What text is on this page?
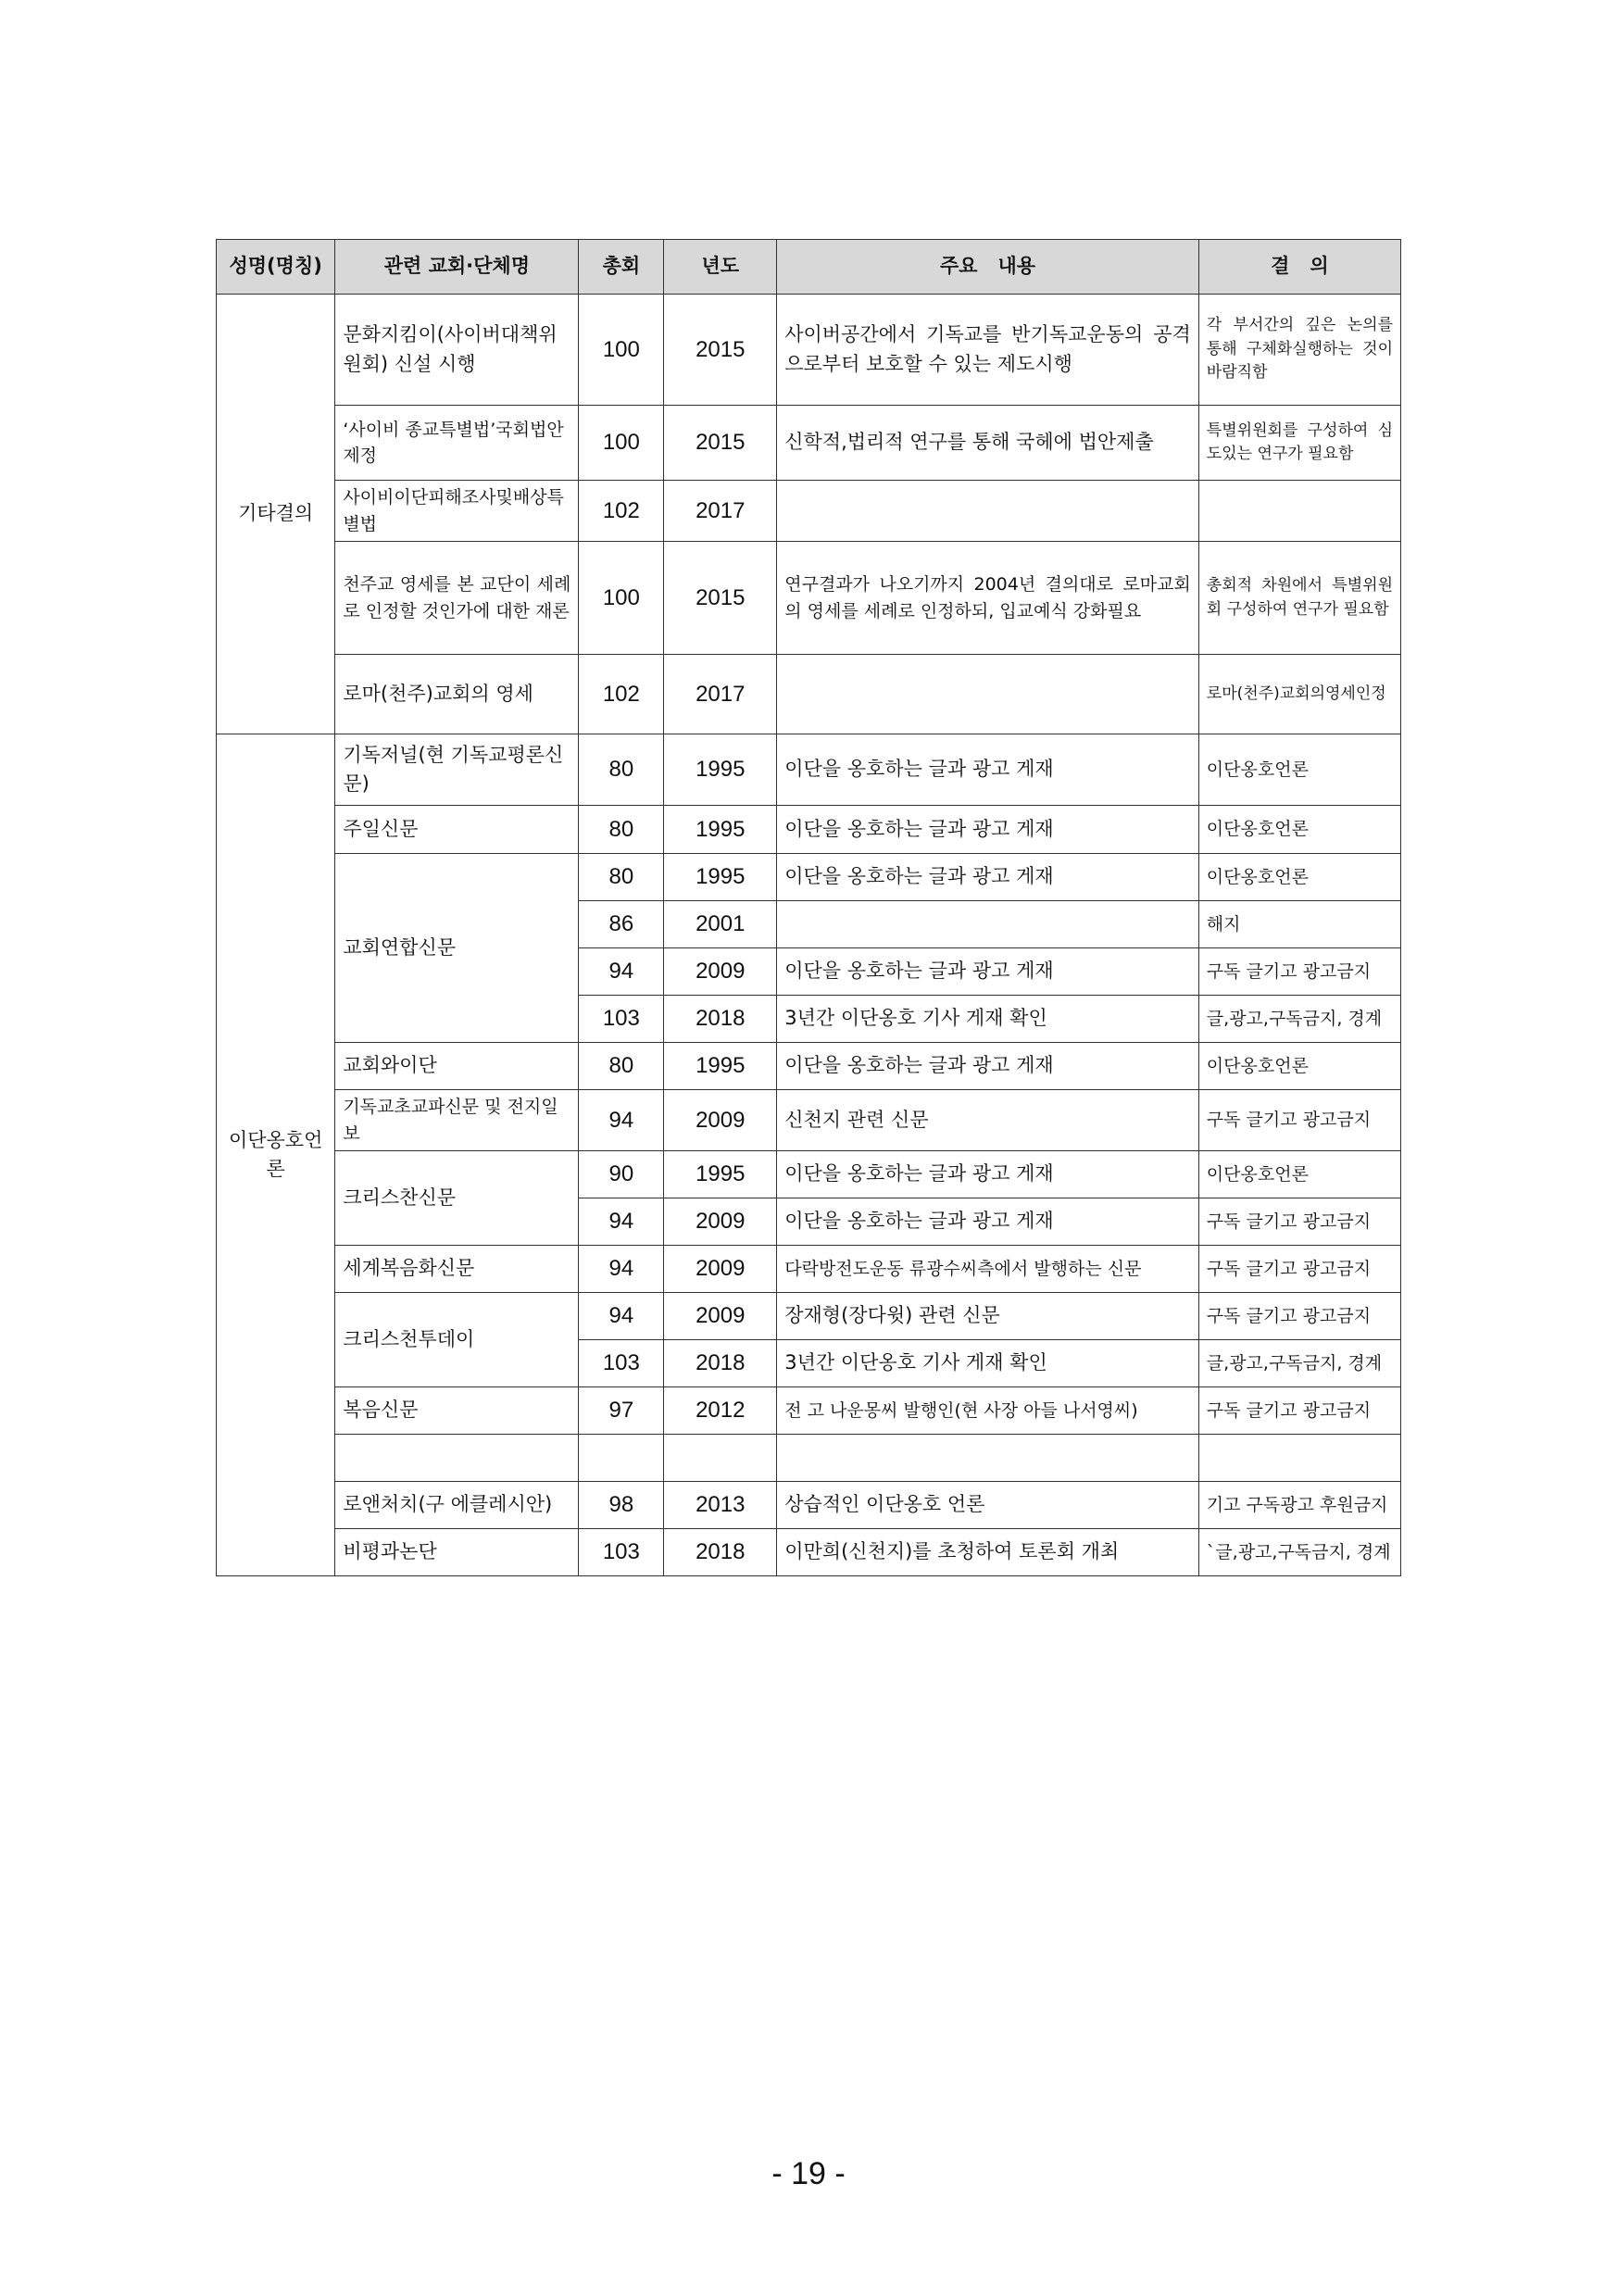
성명(명칭)	관련 교회·단체명	총회	년도	주요   내용	결   의
기타결의	문화지킴이(사이버대책위원회) 신설 시행	100	2015	사이버공간에서 기독교를 반기독교운동의 공격으로부터 보호할 수 있는 제도시행	각 부서간의 깊은 논의를 통해 구체화실행하는 것이 바람직함
	‘사이비 종교특별법’국회법안 제정	100	2015	신학적,법리적 연구를 통해 국헤에 법안제출	특별위원회를 구성하여 심도있는 연구가 필요함
	사이비이단피해조사및배상특별법	102	2017		
	천주교 영세를 본 교단이 세례로 인정할 것인가에 대한 재론	100	2015	연구결과가 나오기까지 2004년 결의대로 로마교회의 영세를 세례로 인정하되, 입교예식 강화필요	총회적 차원에서 특별위원회 구성하여 연구가 필요함
	로마(천주)교회의 영세	102	2017		로마(천주)교회의영세인정
이단옹호언론	기독저널(현 기독교평론신문)	80	1995	이단을 옹호하는 글과 광고 게재	이단옹호언론
	주일신문	80	1995	이단을 옹호하는 글과 광고 게재	이단옹호언론
	교회연합신문	80	1995	이단을 옹호하는 글과 광고 게재	이단옹호언론
		86	2001		해지
		94	2009	이단을 옹호하는 글과 광고 게재	구독 글기고 광고금지
		103	2018	3년간 이단옹호 기사 게재 확인	글,광고,구독금지, 경계
	교회와이단	80	1995	이단을 옹호하는 글과 광고 게재	이단옹호언론
	기독교초교파신문 및 전지일보	94	2009	신천지 관련 신문	구독 글기고 광고금지
	크리스찬신문	90	1995	이단을 옹호하는 글과 광고 게재	이단옹호언론
		94	2009	이단을 옹호하는 글과 광고 게재	구독 글기고 광고금지
	세계복음화신문	94	2009	다락방전도운동 류광수씨측에서 발행하는 신문	구독 글기고 광고금지
	크리스천투데이	94	2009	장재형(장다윗) 관련 신문	구독 글기고 광고금지
		103	2018	3년간 이단옹호 기사 게재 확인	글,광고,구독금지, 경계
	복음신문	97	2012	전 고 나운몽씨 발행인(현 사장 아들 나서영씨)	구독 글기고 광고금지

	로앤처치(구 에클레시안)	98	2013	상습적인 이단옹호 언론	기고 구독광고 후원금지
	비평과논단	103	2018	이만희(신천지)를 초청하여 토론회 개최	`글,광고,구독금지, 경계
- 19 -
